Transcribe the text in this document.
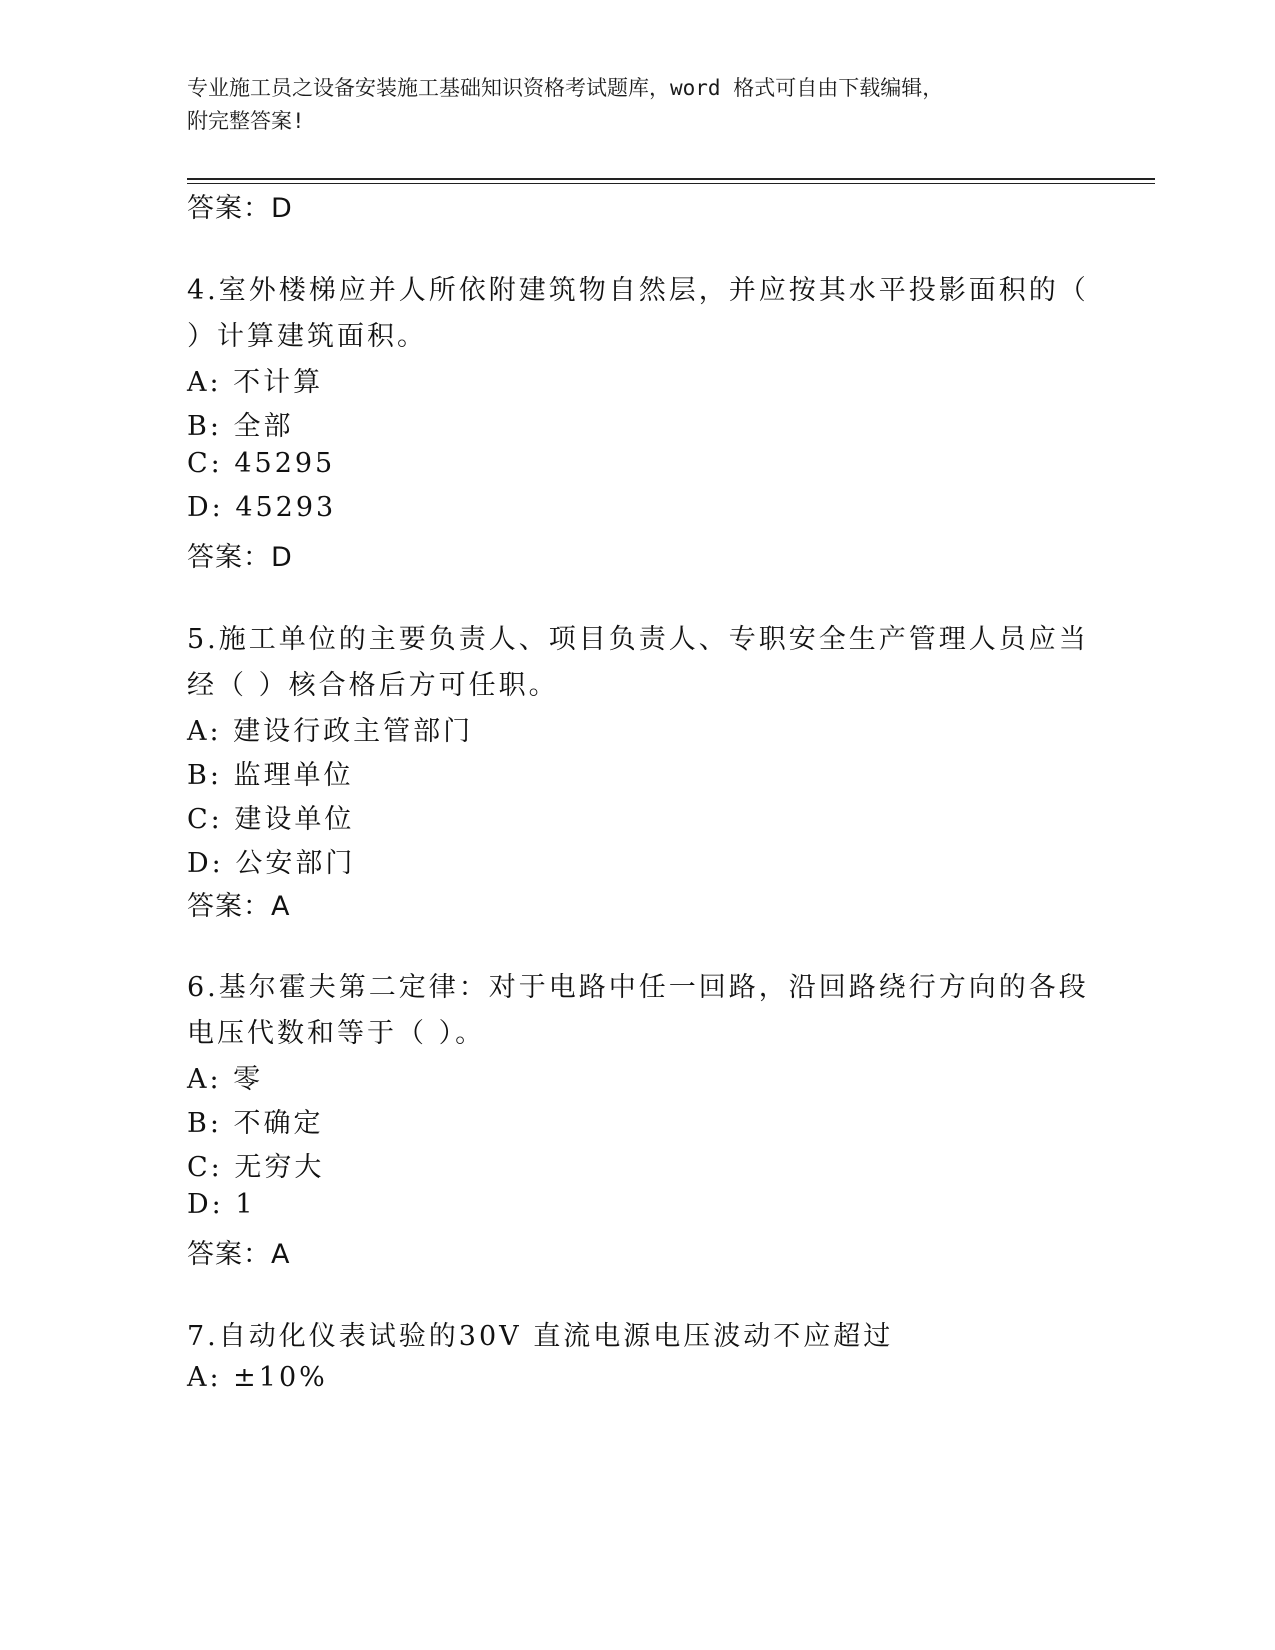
专业施工员之设备安装施工基础知识资格考试题库，word 格式可自由下载编辑，
附完整答案!
答案：D
4.室外楼梯应并人所依附建筑物自然层，并应按其水平投影面积的（
）计算建筑面积。
A: 不计算
B: 全部
C: 45295
D: 45293
答案：D
5.施工单位的主要负责人、项目负责人、专职安全生产管理人员应当
经（ ）核合格后方可任职。
A: 建设行政主管部门
B: 监理单位
C: 建设单位
D: 公安部门
答案：A
6.基尔霍夫第二定律：对于电路中任一回路，沿回路绕行方向的各段
电压代数和等于（ ）。
A: 零
B: 不确定
C: 无穷大
D: 1
答案：A
7.自动化仪表试验的30V 直流电源电压波动不应超过
A: ±10%
